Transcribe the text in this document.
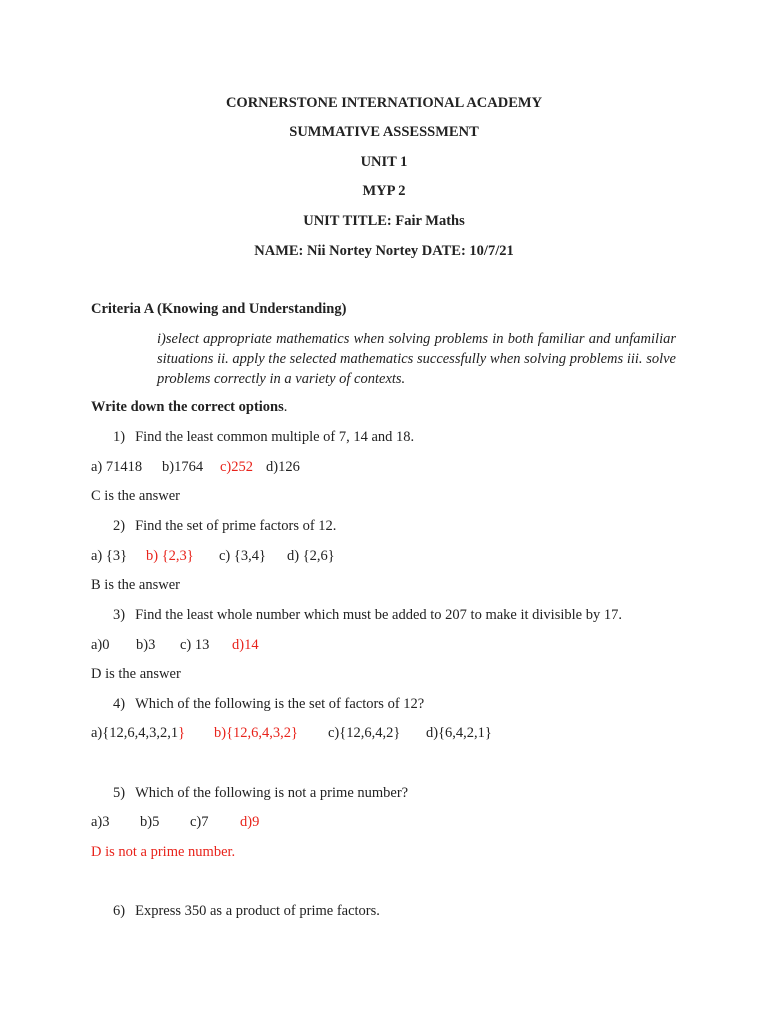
CORNERSTONE INTERNATIONAL ACADEMY
SUMMATIVE ASSESSMENT
UNIT 1
MYP 2
UNIT TITLE: Fair Maths
NAME: Nii Nortey Nortey DATE: 10/7/21
Criteria A (Knowing and Understanding)
i)select appropriate mathematics when solving problems in both familiar and unfamiliar situations ii. apply the selected mathematics successfully when solving problems iii. solve problems correctly in a variety of contexts.
Write down the correct options.
1) Find the least common multiple of 7, 14 and 18.
a) 71418 b)1764 c)252 d)126
C is the answer
2) Find the set of prime factors of 12.
a) {3} b) {2,3} c) {3,4} d) {2,6}
B is the answer
3) Find the least whole number which must be added to 207 to make it divisible by 17.
a)0 b)3 c) 13 d)14
D is the answer
4) Which of the following is the set of factors of 12?
a){12,6,4,3,2,1} b){12,6,4,3,2} c){12,6,4,2} d){6,4,2,1}
5) Which of the following is not a prime number?
a)3 b)5 c)7 d)9
D is not a prime number.
6) Express 350 as a product of prime factors.
